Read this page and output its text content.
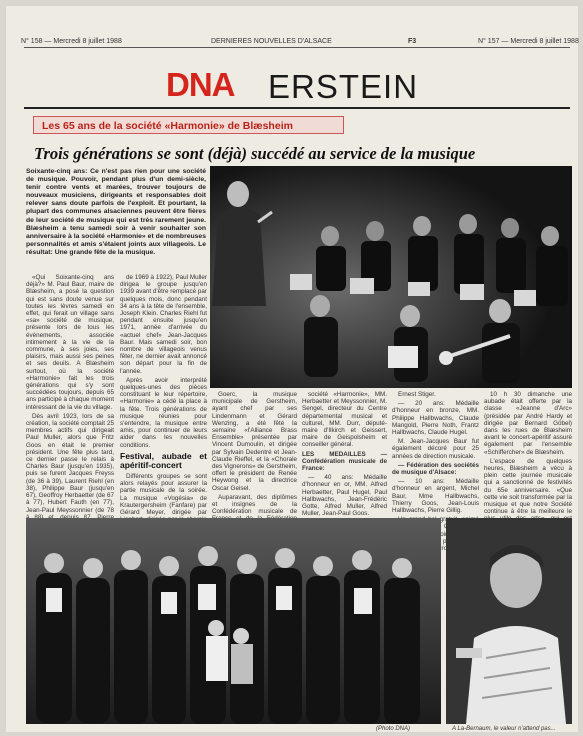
N° 158 — Mercredi 8 juillet 1988	DERNIERES NOUVELLES D'ALSACE	F3	N° 157 — Mercredi 8 juillet 1988
DNA ERSTEIN
Les 65 ans de la société «Harmonie» de Blæsheim
Trois générations se sont (déjà) succédé au service de la musique
Soixante-cinq ans: Ce n'est pas rien pour une société de musique. Pouvoir, pendant plus d'un demi-siècle, tenir contre vents et marées, trouver toujours de nouveaux musiciens, dirigeants et responsables doit relever sans doute parfois de l'exploit. Et pourtant, la plupart des communes alsaciennes peuvent être fières de leur société de musique qui est très rarement jeune. Blæsheim a tenu samedi soir à venir souhaiter son anniversaire à la société «Harmonie» et de nombreuses personnalités et amis s'étaient joints aux villageois. Le résultat: Une grande fête de la musique.

«Qui Soixante-cinq ans déjà?» M. Paul Baur, maire de Blæsheim, a posé la question qui est sans doute venue sur toutes les lèvres samedi en effet, qui ferait un village sans «sa» société de musique, présente lors de tous les événements, associée intimement à la vie de la commune, à ses joies, ses plaisirs, mais aussi ses peines et ses deuils. A Blæsheim surtout, où la société «Harmonie» fait les trois générations qui s'y sont succédées toujours, depuis 65 ans participé à chaque moment intéressant de la vie du village.

Dès avril 1923, lors de sa création, la société comptait 25 membres actifs qui dirigeait Paul Muller, alors que Fritz Goos en était le premier président. Une fête plus tard, ce dernier passe le relais à Charles Baur (jusqu'en 1935), puis se furent Jacques Freyss (de 36 à 39), Laurent Riehl (en 38), Philippe Baur (jusqu'en 67), Geoffroy Herbaetter (de 67 à 77), Hubert Fauth (en 77), Jean-Paul Meyssonnier (de 78

de 1969 à 1922), Paul Muller dirigea le groupe jusqu'en 1939 avant d'être remplacé par quelques mois, donc pendant 34 ans à la tête de l'ensemble, Joseph Klein. Charles Riehl fut pendant ensuite jusqu'en 1971, année d'arrivée du «actuel chef» Jean-Jacques Baur. Mais samedi soir, bon nombre de villageois venus fêter, ne dernier avait annoncé son départ pour la fin de l'année.

Après avoir interprété quelques-unes des pièces constituant le leur répertoire, «Harmonie» a cédé la place à la fête. Trois générations de musique réunies pour s'entendre, la musique entre amis, pour continuer de leurs aider dans les nouvelles conditions.

Festival, aubade et apéritif-concert

Différents groupes se sont alors relayés pour assurer la partie musicale de la soirée. La musique «Vogésia» de Krautergersheim (Fanfare) par Gérard Meyer, dirigée par

Goerc, la musique municipale de Gerstheim, ayant chef par ses Lindenmann et Gérard Wenzing, a été fêté la semaine «l'Alliance Brass Ensemble» présentée par Vincent Dumoulin, et dirigée par Sylvain Dedentré et Jean-Claude Rieffel, et la «Chorale des Vignerons» de Gerstheim, offert le président de Renée Heywong et la directrice Oscar Geisel.

Auparavant, des diplômes et insignes de la Confédération musicale de

société «Harmonie», MM. Herbaetter et Meyssonnier, M. Sengel, directeur du Centre départemental musical et culturel, MM. Durr, député-maire d'Ilkirch et Geissert, maire de Geispolsheim et conseiller général.

LES MEDAILLES — Confédération musicale de France:

— 40 ans: Médaille d'honneur en or, MM. Alfred Herbaetter, Paul Hugel, Paul Hallbwachs, Jean-Frédéric Gotte, Alfred Muller, Alfred Muller, Jean-Paul Goos.

Ernest Stiger.

— 20 ans: Médaille d'honneur en bronze, MM. Philippe Hallbwachs, Claude Mangold, Pierre Noth, Frantz Hallbwachs, Claude Hugel.

M. Jean-Jacques Baur fut également décoré pour 25 années de direction musicale.

— Fédération des sociétés de musique d'Alsace:

— 10 ans: Médaille d'honneur en argent, Michel Baur, Mme Hallbwachs, Thierry Goos, Jean-Louis Hallbwachs, Pierre Gillig.

10 h 30 dimanche une aubade était offerte par la classe «Jeanne d'Arc» (présidée par André Hardy et dirigée par Bernard Göbel) dans les rues de Blæsheim avant le concert-apéritif assuré également par l'ensemble «Schiffercher» de Blæsheim.

L'espace de quelques heures, Blæsheim a vécu à plein cette journée musicale qui a sanctionné de festivités du 65e anniversaire. «Que cette vie soit transformée par la musique et que notre Société continue à être la meilleure le

(Photo DNA)	A La-Bernaum, le valeur n'attend pas...
